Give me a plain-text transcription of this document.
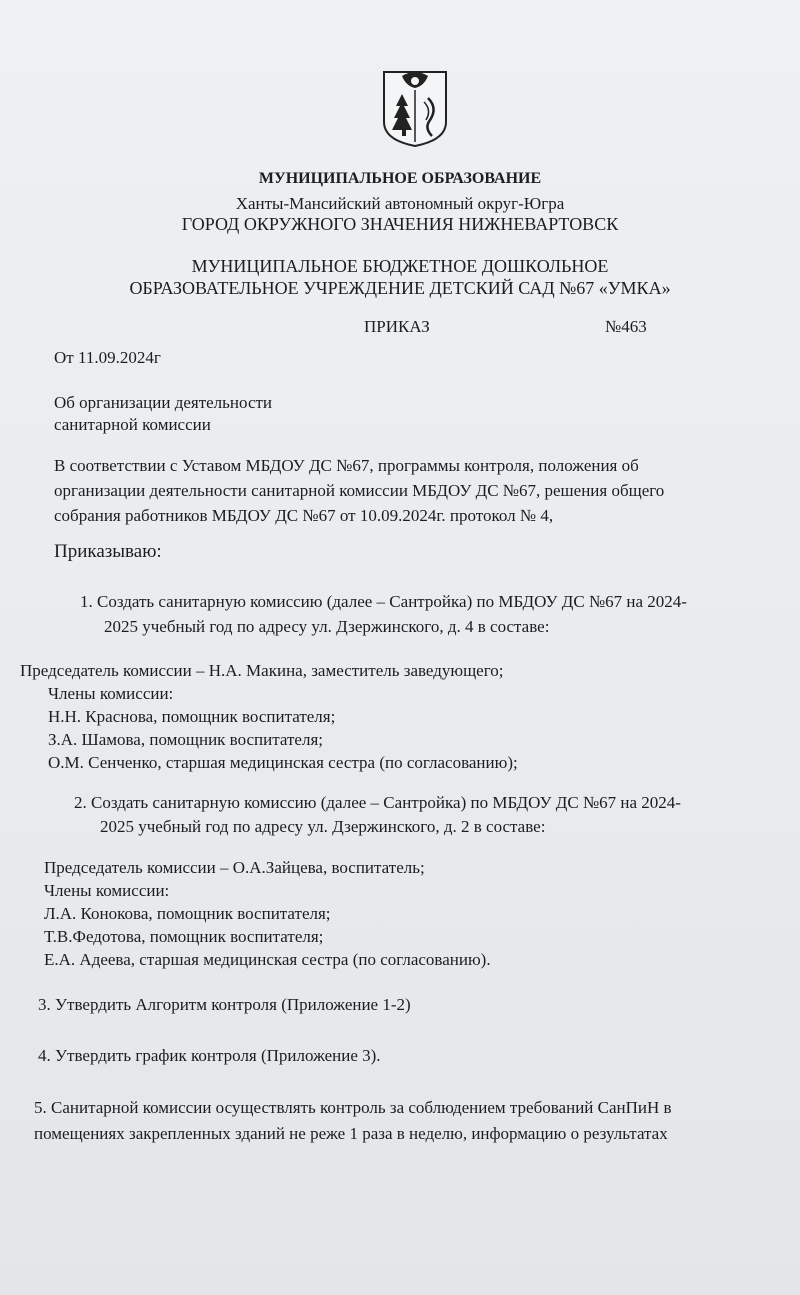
МУНИЦИПАЛЬНОЕ ОБРАЗОВАНИЕ
Ханты-Мансийский автономный округ-Югра
ГОРОД ОКРУЖНОГО ЗНАЧЕНИЯ НИЖНЕВАРТОВСК
МУНИЦИПАЛЬНОЕ БЮДЖЕТНОЕ ДОШКОЛЬНОЕ
ОБРАЗОВАТЕЛЬНОЕ УЧРЕЖДЕНИЕ ДЕТСКИЙ САД №67 «УМКА»
ПРИКАЗ	№463
От 11.09.2024г
Об организации деятельности
санитарной комиссии
В соответствии с Уставом МБДОУ ДС №67, программы контроля, положения об
организации деятельности санитарной комиссии МБДОУ ДС №67, решения общего
собрания работников МБДОУ ДС №67 от 10.09.2024г. протокол № 4,
Приказываю:
1. Создать санитарную комиссию (далее – Сантройка) по МБДОУ ДС №67 на 2024-
2025 учебный год по адресу ул. Дзержинского, д. 4 в составе:
Председатель комиссии – Н.А. Макина, заместитель заведующего;
Члены комиссии:
Н.Н. Краснова, помощник воспитателя;
З.А. Шамова, помощник воспитателя;
О.М. Сенченко, старшая медицинская сестра (по согласованию);
2. Создать санитарную комиссию (далее – Сантройка) по МБДОУ ДС №67 на 2024-
2025 учебный год по адресу ул. Дзержинского, д. 2 в составе:
Председатель комиссии – О.А.Зайцева, воспитатель;
Члены комиссии:
Л.А. Конокова, помощник воспитателя;
Т.В.Федотова, помощник воспитателя;
Е.А. Адеева, старшая медицинская сестра (по согласованию).
3. Утвердить Алгоритм контроля (Приложение 1-2)
4. Утвердить график контроля (Приложение 3).
5. Санитарной комиссии осуществлять контроль за соблюдением требований СанПиН в
помещениях закрепленных зданий не реже 1 раза в неделю, информацию о результатах
